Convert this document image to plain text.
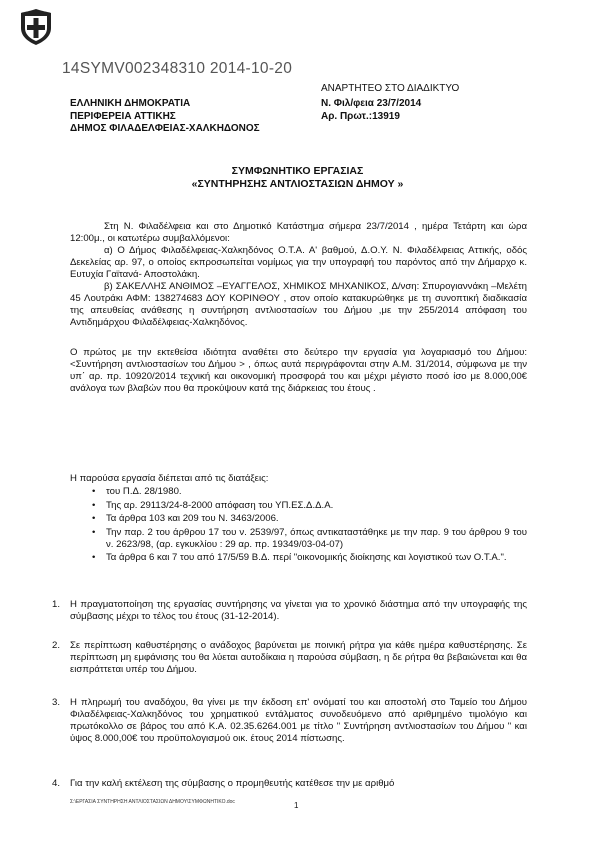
14SYMV002348310 2014-10-20
ΑΝΑΡΤΗΤΕΟ ΣΤΟ ΔΙΑΔΙΚΤΥΟ
ΕΛΛΗΝΙΚΗ ΔΗΜΟΚΡΑΤΙΑ
ΠΕΡΙΦΕΡΕΙΑ ΑΤΤΙΚΗΣ
ΔΗΜΟΣ ΦΙΛΑΔΕΛΦΕΙΑΣ-ΧΑΛΚΗΔΟΝΟΣ
Ν. Φιλ/φεια 23/7/2014
Αρ. Πρωτ.:13919
ΣΥΜΦΩΝΗΤΙΚΟ ΕΡΓΑΣΙΑΣ
«ΣΥΝΤΗΡΗΣΗΣ ΑΝΤΛΙΟΣΤΑΣΙΩΝ ΔΗΜΟΥ »
Στη Ν. Φιλαδέλφεια και στο Δημοτικό Κατάστημα σήμερα 23/7/2014 , ημέρα Τετάρτη και ώρα 12:00μ., οι κατωτέρω συμβαλλόμενοι:
α) Ο Δήμος Φιλαδέλφειας-Χαλκηδόνος Ο.Τ.Α. Α' βαθμού, Δ.Ο.Υ. Ν. Φιλαδέλφειας Αττικής, οδός Δεκελείας αρ. 97, ο οποίος εκπροσωπείται νομίμως για την υπογραφή του παρόντος από την Δήμαρχο κ. Ευτυχία Γαϊτανά- Αποστολάκη.
β) ΣΑΚΕΛΛΗΣ ΑΝΘΙΜΟΣ –ΕΥΑΓΓΕΛΟΣ, ΧΗΜΙΚΟΣ ΜΗΧΑΝΙΚΟΣ, Δ/νση: Σπυρογιαννάκη –Μελέτη 45 Λουτράκι ΑΦΜ: 138274683 ΔΟΥ ΚΟΡΙΝΘΟΥ , στον οποίο κατακυρώθηκε με τη συνοπτική διαδικασία της απευθείας ανάθεσης η συντήρηση αντλιοστασίων του Δήμου ,με την 255/2014 απόφαση του Αντιδημάρχου Φιλαδέλφειας-Χαλκηδόνος.
Ο πρώτος με την εκτεθείσα ιδιότητα αναθέτει στο δεύτερο την εργασία για λογαριασμό του Δήμου: <Συντήρηση αντλιοστασίων του Δήμου > , όπως αυτά περιγράφονται στην Α.Μ. 31/2014, σύμφωνα με την υπ΄ αρ. πρ. 10920/2014 τεχνική και οικονομική προσφορά του και μέχρι μέγιστο ποσό ίσο με 8.000,00€ ανάλογα των βλαβών που θα προκύψουν κατά της διάρκειας του έτους .
Η παρούσα εργασία διέπεται από τις διατάξεις:
• του Π.Δ. 28/1980.
• Της αρ. 29113/24-8-2000 απόφαση του ΥΠ.ΕΣ.Δ.Δ.Α.
• Τα άρθρα 103 και 209 του Ν. 3463/2006.
• Την παρ. 2 του άρθρου 17 του ν. 2539/97, όπως αντικαταστάθηκε με την παρ. 9 του άρθρου 9 του ν. 2623/98, (αρ. εγκυκλίου : 29 αρ. πρ. 19349/03-04-07)
• Τα άρθρα 6 και 7 του από 17/5/59 Β.Δ. περί "οικονομικής διοίκησης και λογιστικού των Ο.Τ.Α.".
1. Η πραγματοποίηση της εργασίας συντήρησης να γίνεται για το χρονικό διάστημα από την υπογραφής της σύμβασης μέχρι το τέλος του έτους (31-12-2014).
2. Σε περίπτωση καθυστέρησης ο ανάδοχος βαρύνεται με ποινική ρήτρα για κάθε ημέρα καθυστέρησης. Σε περίπτωση μη εμφάνισης του θα λύεται αυτοδίκαια η παρούσα σύμβαση, η δε ρήτρα θα βεβαιώνεται και θα εισπράττεται υπέρ του Δήμου.
3. Η πληρωμή του αναδόχου, θα γίνει με την έκδοση επ' ονόματί του και αποστολή στο Ταμείο του Δήμου Φιλαδέλφειας-Χαλκηδόνος του χρηματικού εντάλματος συνοδευόμενο από αριθμημένο τιμολόγιο και πρωτόκολλο σε βάρος του από Κ.Α. 02.35.6264.001 με τίτλο " Συντήρηση αντλιοστασίων του Δήμου " και ύψος 8.000,00€ του προϋπολογισμού οικ. έτους 2014 πίστωσης.
4. Για την καλή εκτέλεση της σύμβασης ο προμηθευτής κατέθεσε την με αριθμό
Σ:\ΕΡΓΑΣΙΑ ΣΥΝΤΗΡΗΣΗ ΑΝΤΛΙΟΣΤΑΣΙΩΝ ΔΗΜΟΥ\ΣΥΜΦΩΝΗΤΙΚΟ.doc	1
